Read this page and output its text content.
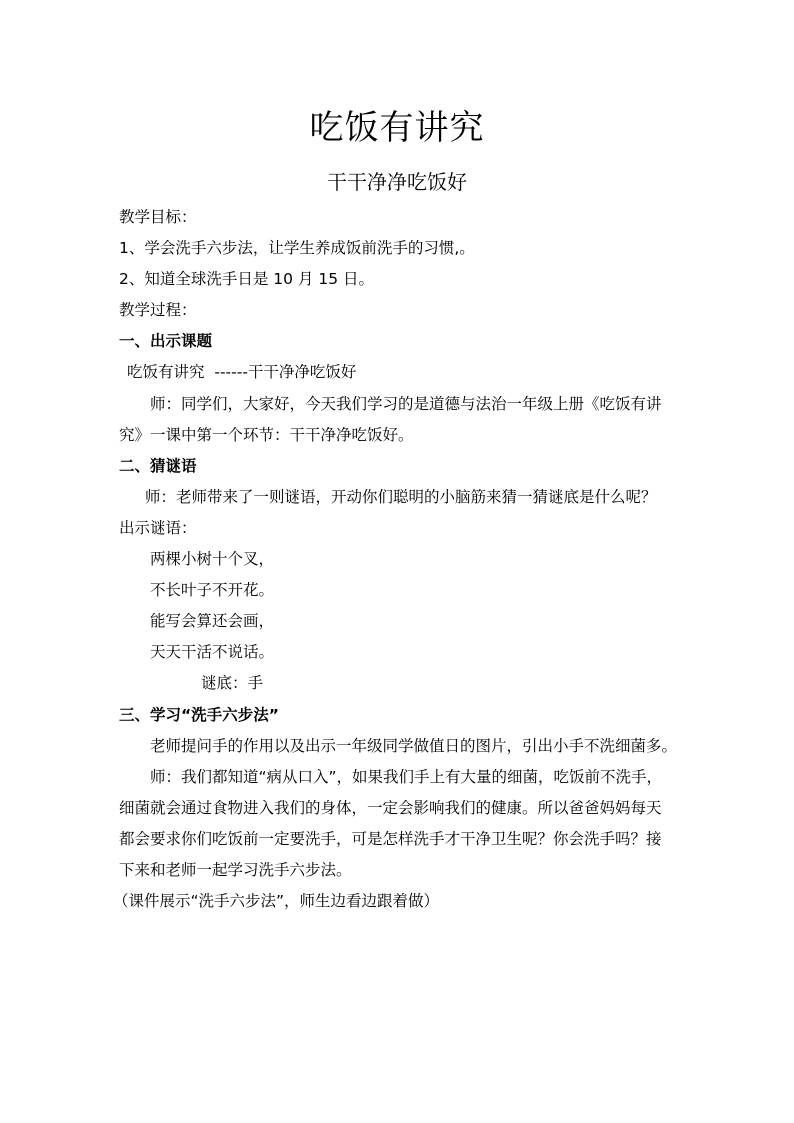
吃饭有讲究
干干净净吃饭好
教学目标：
1、学会洗手六步法，让学生养成饭前洗手的习惯,。
2、知道全球洗手日是 10 月 15 日。
教学过程：
一、出示课题
吃饭有讲究  ------干干净净吃饭好
师：同学们，大家好，今天我们学习的是道德与法治一年级上册《吃饭有讲
究》一课中第一个环节：干干净净吃饭好。
二、猜谜语
师：老师带来了一则谜语，开动你们聪明的小脑筋来猜一猜谜底是什么呢？
出示谜语：
两棵小树十个叉，
不长叶子不开花。
能写会算还会画，
天天干活不说话。
谜底：手
三、学习“洗手六步法”
老师提问手的作用以及出示一年级同学做值日的图片，引出小手不洗细菌多。
师：我们都知道“病从口入”，如果我们手上有大量的细菌，吃饭前不洗手，
细菌就会通过食物进入我们的身体，一定会影响我们的健康。所以爸爸妈妈每天
都会要求你们吃饭前一定要洗手，可是怎样洗手才干净卫生呢？你会洗手吗？接
下来和老师一起学习洗手六步法。
（课件展示“洗手六步法”，师生边看边跟着做）
